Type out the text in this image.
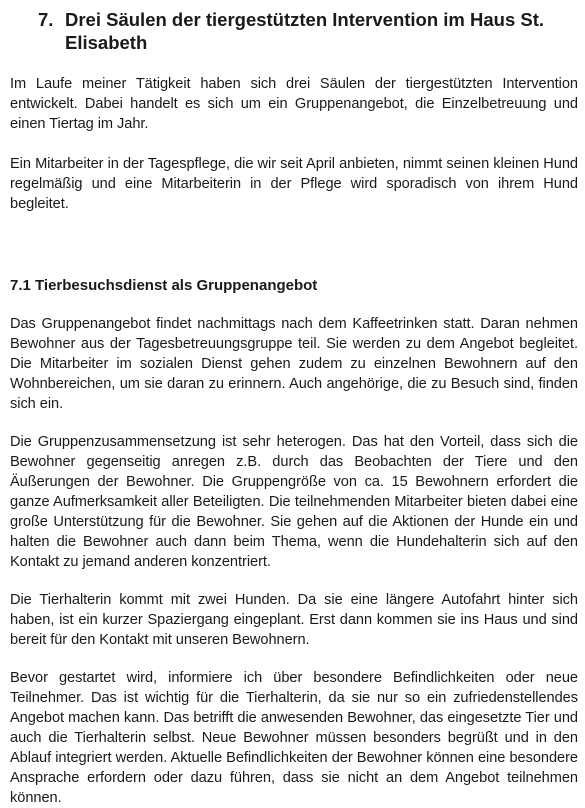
7. Drei Säulen der tiergestützten Intervention im Haus St. Elisabeth

Im Laufe meiner Tätigkeit haben sich drei Säulen der tiergestützten Intervention entwickelt. Dabei handelt es sich um ein Gruppenangebot, die Einzelbetreuung und einen Tiertag im Jahr.

Ein Mitarbeiter in der Tagespflege, die wir seit April anbieten, nimmt seinen kleinen Hund regelmäßig und eine Mitarbeiterin in der Pflege wird sporadisch von ihrem Hund begleitet.

7.1 Tierbesuchsdienst als Gruppenangebot

Das Gruppenangebot findet nachmittags nach dem Kaffeetrinken statt. Daran nehmen Bewohner aus der Tagesbetreuungsgruppe teil. Sie werden zu dem Angebot begleitet. Die Mitarbeiter im sozialen Dienst gehen zudem zu einzelnen Bewohnern auf den Wohnbereichen, um sie daran zu erinnern. Auch angehörige, die zu Besuch sind, finden sich ein.

Die Gruppenzusammensetzung ist sehr heterogen. Das hat den Vorteil, dass sich die Bewohner gegenseitig anregen z.B. durch das Beobachten der Tiere und den Äußerungen der Bewohner. Die Gruppengröße von ca. 15 Bewohnern erfordert die ganze Aufmerksamkeit aller Beteiligten. Die teilnehmenden Mitarbeiter bieten dabei eine große Unterstützung für die Bewohner. Sie gehen auf die Aktionen der Hunde ein und halten die Bewohner auch dann beim Thema, wenn die Hundehalterin sich auf den Kontakt zu jemand anderen konzentriert.

Die Tierhalterin kommt mit zwei Hunden. Da sie eine längere Autofahrt hinter sich haben, ist ein kurzer Spaziergang eingeplant. Erst dann kommen sie ins Haus und sind bereit für den Kontakt mit unseren Bewohnern.

Bevor gestartet wird, informiere ich über besondere Befindlichkeiten oder neue Teilnehmer. Das ist wichtig für die Tierhalterin, da sie nur so ein zufriedenstellendes Angebot machen kann. Das betrifft die anwesenden Bewohner, das eingesetzte Tier und auch die Tierhalterin selbst. Neue Bewohner müssen besonders begrüßt und in den Ablauf integriert werden. Aktuelle Befindlichkeiten der Bewohner können eine besondere Ansprache erfordern oder dazu führen, dass sie nicht an dem Angebot teilnehmen können.
